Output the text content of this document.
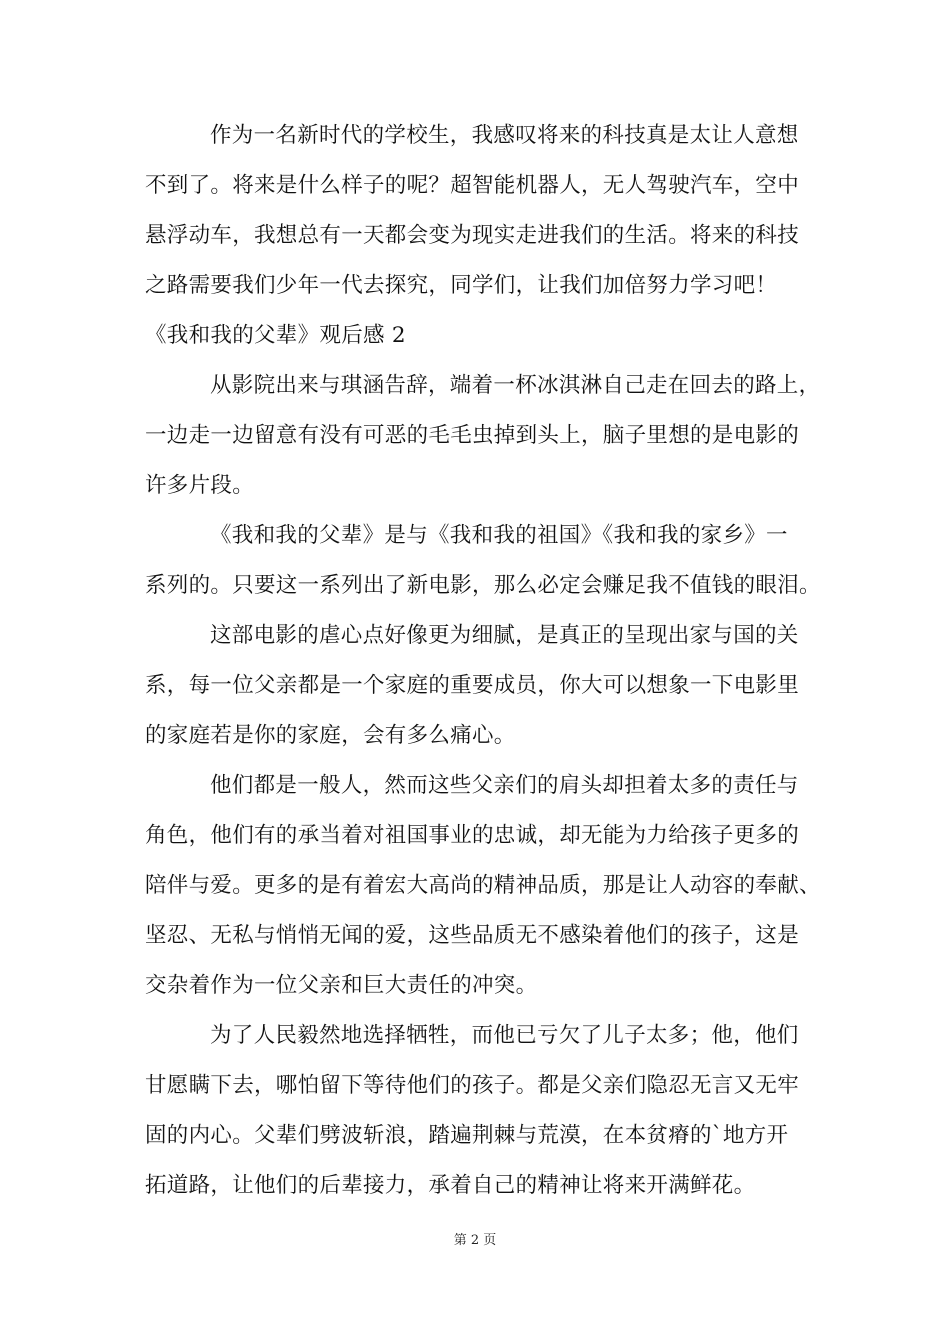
作为一名新时代的学校生，我感叹将来的科技真是太让人意想
不到了。将来是什么样子的呢？超智能机器人，无人驾驶汽车，空中
悬浮动车，我想总有一天都会变为现实走进我们的生活。将来的科技
之路需要我们少年一代去探究，同学们，让我们加倍努力学习吧！
《我和我的父辈》观后感 2
从影院出来与琪涵告辞，端着一杯冰淇淋自己走在回去的路上，
一边走一边留意有没有可恶的毛毛虫掉到头上，脑子里想的是电影的
许多片段。
《我和我的父辈》是与《我和我的祖国》《我和我的家乡》一
系列的。只要这一系列出了新电影，那么必定会赚足我不值钱的眼泪。
这部电影的虐心点好像更为细腻，是真正的呈现出家与国的关
系，每一位父亲都是一个家庭的重要成员，你大可以想象一下电影里
的家庭若是你的家庭，会有多么痛心。
他们都是一般人，然而这些父亲们的肩头却担着太多的责任与
角色，他们有的承当着对祖国事业的忠诚，却无能为力给孩子更多的
陪伴与爱。更多的是有着宏大高尚的精神品质，那是让人动容的奉献、
坚忍、无私与悄悄无闻的爱，这些品质无不感染着他们的孩子，这是
交杂着作为一位父亲和巨大责任的冲突。
为了人民毅然地选择牺牲，而他已亏欠了儿子太多；他，他们
甘愿瞒下去，哪怕留下等待他们的孩子。都是父亲们隐忍无言又无牢
固的内心。父辈们劈波斩浪，踏遍荆棘与荒漠，在本贫瘠的`地方开
拓道路，让他们的后辈接力，承着自己的精神让将来开满鲜花。
第 2 页
